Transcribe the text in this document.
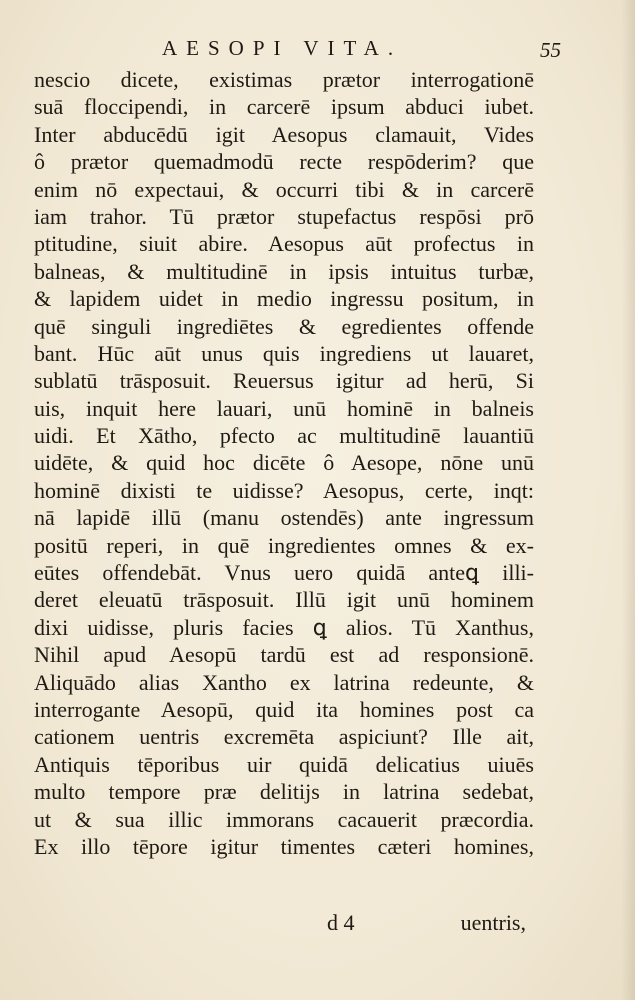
AESOPI VITA.	55
nescio dicete, existimas prætor interrogationē
suā floccipendi, in carcerē ipsum abduci iubet.
Inter abducēdū igit Aesopus clamauit, Vides
ô prætor quemadmodū recte respōderim? que
enim nō expectaui, & occurri tibi & in carcerē
iam trahor. Tū prætor stupefactus respōsi prō
ptitudine, siuit abire. Aesopus aūt profectus in
balneas, & multitudinē in ipsis intuitus turbæ,
& lapidem uidet in medio ingressu positum, in
quē singuli ingrediētes & egredientes offende
bant. Hūc aūt unus quis ingrediens ut lauaret,
sublatū trāsposuit. Reuersus igitur ad herū, Si
uis, inquit here lauari, unū hominē in balneis
uidi. Et Xātho, pfecto ac multitudinē lauantiū
uidēte, & quid hoc dicēte ô Aesope, nōne unū
hominē dixisti te uidisse? Aesopus, certe, inqt:
nā lapidē illū (manu ostendēs) ante ingressum
positū reperi, in quē ingredientes omnes & ex-
eūtes offendebāt. Vnus uero quidā anteꝗ illi-
deret eleuatū trāsposuit. Illū igit unū hominem
dixi uidisse, pluris facies ꝗ alios. Tū Xanthus,
Nihil apud Aesopū tardū est ad responsionē.
Aliquādo alias Xantho ex latrina redeunte, &
interrogante Aesopū, quid ita homines post ca
cationem uentris excremēta aspiciunt? Ille ait,
Antiquis tēporibus uir quidā delicatius uiuēs
multo tempore præ delitijs in latrina sedebat,
ut & sua illic immorans cacauerit præcordia.
Ex illo tēpore igitur timentes cæteri homines,
d 4	uentris,
